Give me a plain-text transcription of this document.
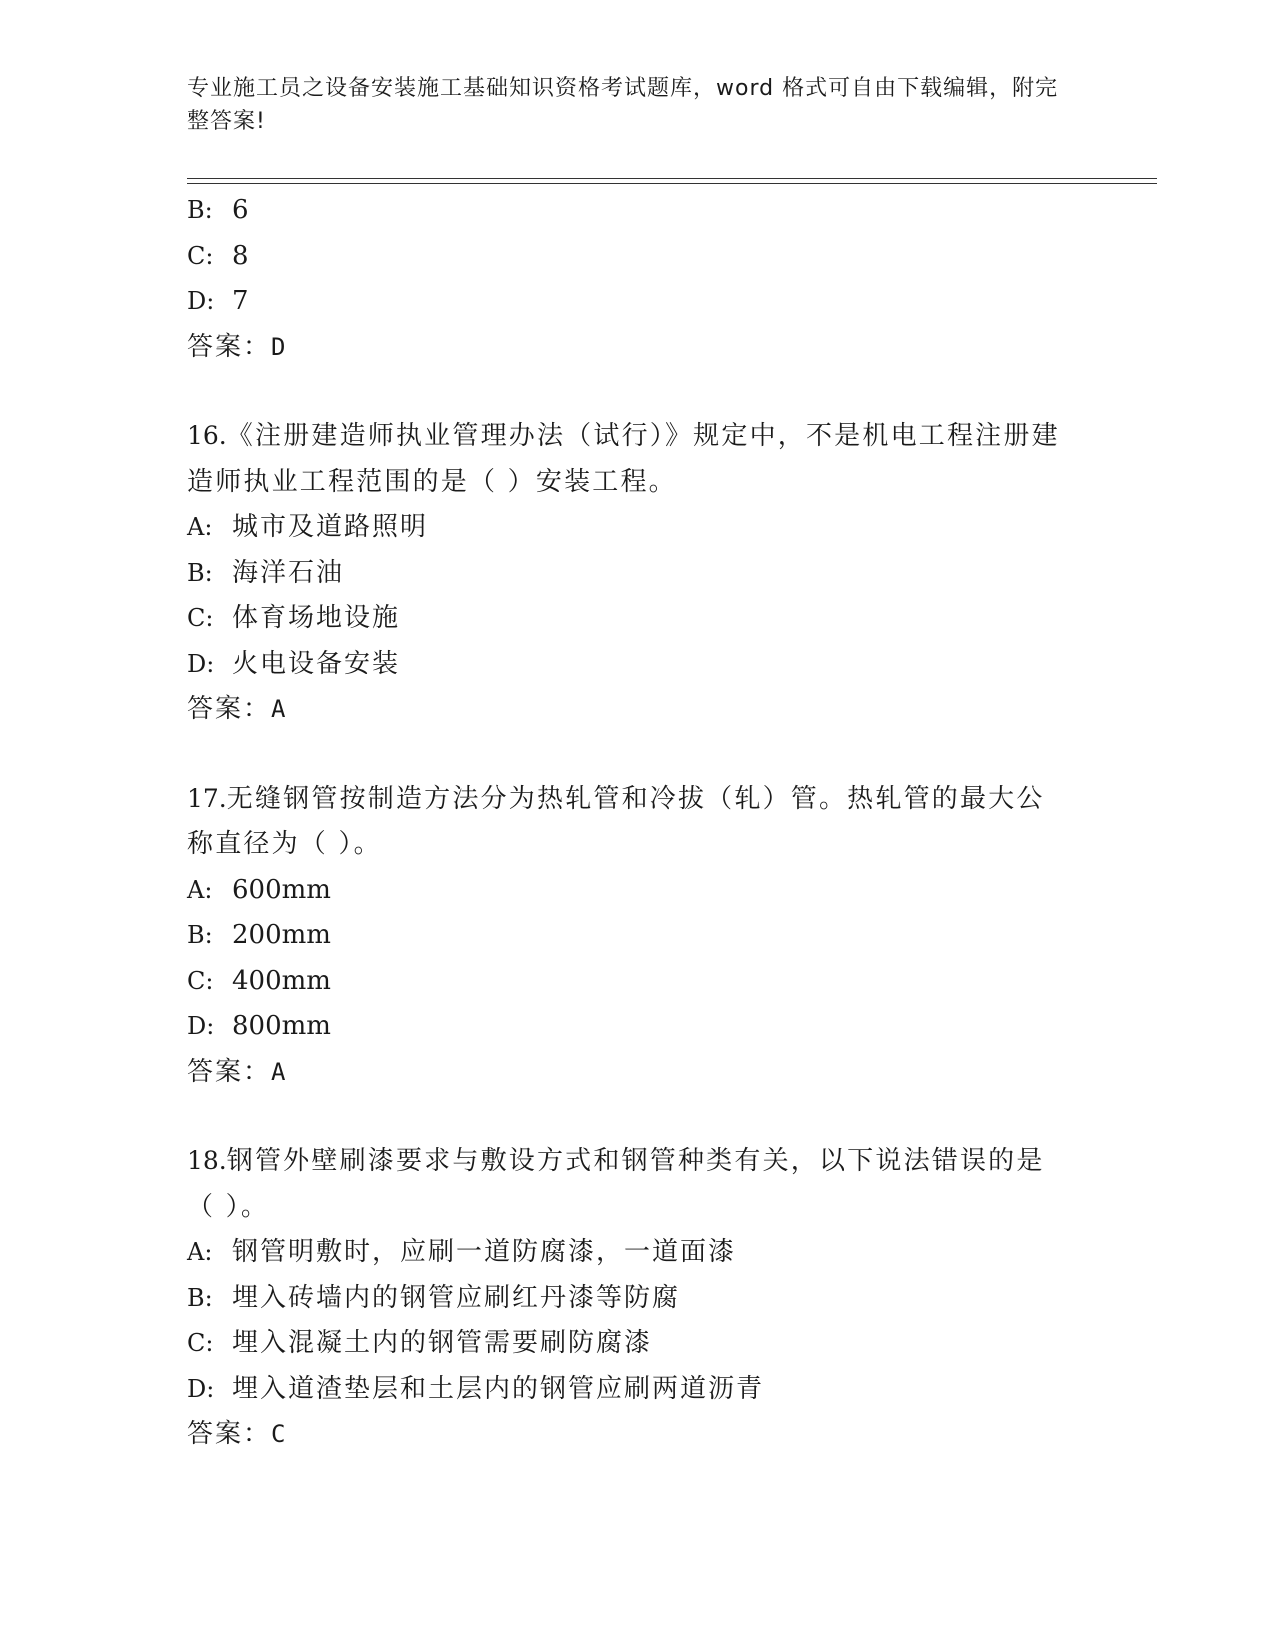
专业施工员之设备安装施工基础知识资格考试题库，word 格式可自由下载编辑，附完整答案!
B: 6
C: 8
D: 7
答案：D
16.《注册建造师执业管理办法（试行）》规定中，不是机电工程注册建造师执业工程范围的是（ ）安装工程。
A: 城市及道路照明
B: 海洋石油
C: 体育场地设施
D: 火电设备安装
答案：A
17.无缝钢管按制造方法分为热轧管和冷拔（轧）管。热轧管的最大公称直径为（ ）。
A: 600mm
B: 200mm
C: 400mm
D: 800mm
答案：A
18.钢管外壁刷漆要求与敷设方式和钢管种类有关，以下说法错误的是（ ）。
A: 钢管明敷时，应刷一道防腐漆，一道面漆
B: 埋入砖墙内的钢管应刷红丹漆等防腐
C: 埋入混凝土内的钢管需要刷防腐漆
D: 埋入道渣垫层和土层内的钢管应刷两道沥青
答案：C
